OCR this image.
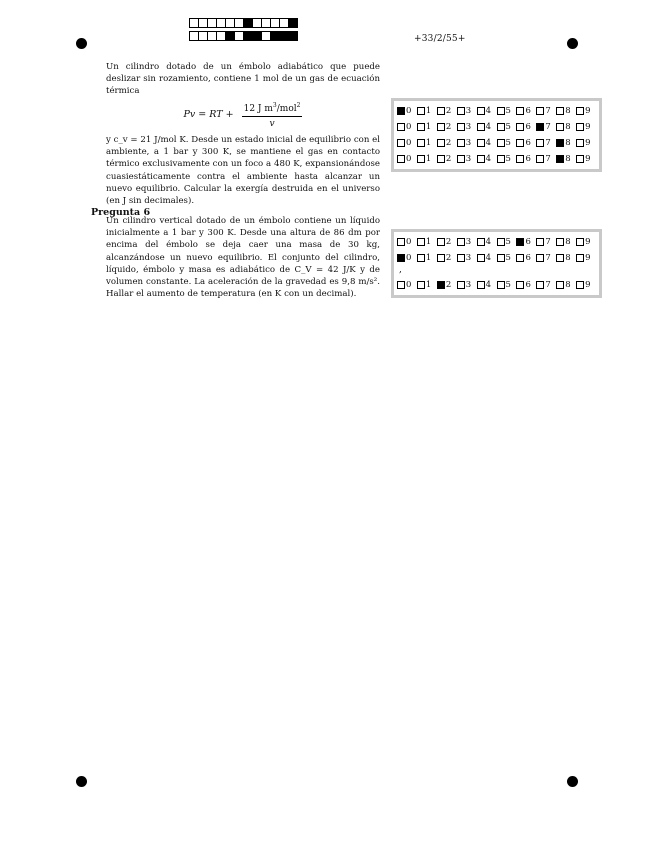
+33/2/55+

Un cilindro dotado de un émbolo adiabático que puede deslizar sin rozamiento, contiene 1 mol de un gas de ecuación térmica

Pv = RT + $\frac{12 J m^3/mol^2}{v}$

y c_v = 21 J/mol K. Desde un estado inicial de equilibrio con el ambiente, a 1 bar y 300 K, se mantiene el gas en contacto térmico exclusivamente con un foco a 480 K, expansionándose cuasiestáticamente contra el ambiente hasta alcanzar un nuevo equilibrio. Calcular la exergía destruida en el universo (en J sin decimales).

0 1 2 3 4 5 6 7 8 9
0 1 2 3 4 5 6 7 8 9
0 1 2 3 4 5 6 7 8 9
0 1 2 3 4 5 6 7 8 9
Pregunta 6
Un cilindro vertical dotado de un émbolo contiene un líquido inicialmente a 1 bar y 300 K. Desde una altura de 86 dm por encima del émbolo se deja caer una masa de 30 kg, alcanzándose un nuevo equilibrio. El conjunto del cilindro, líquido, émbolo y masa es adiabático de C_V = 42 J/K y de volumen constante. La aceleración de la gravedad es 9,8 m/s². Hallar el aumento de temperatura (en K con un decimal).
0 1 2 3 4 5 6 7 8 9
0 1 2 3 4 5 6 7 8 9
,
0 1 2 3 4 5 6 7 8 9
